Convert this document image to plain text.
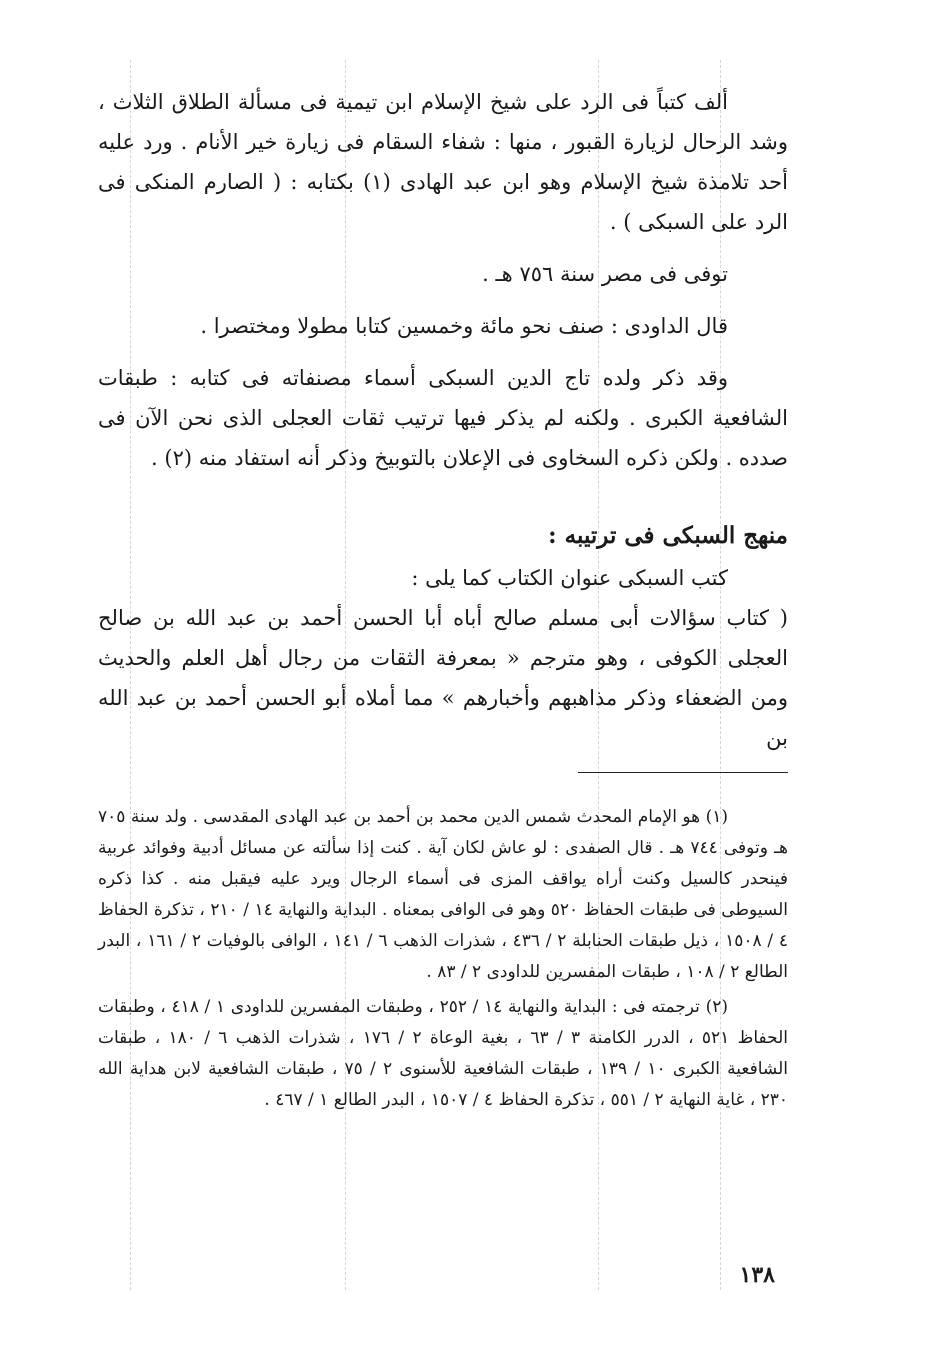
ألف كتباً فى الرد على شيخ الإسلام ابن تيمية فى مسألة الطلاق الثلاث ، وشد الرحال لزيارة القبور ، منها : شفاء السقام فى زيارة خير الأنام . ورد عليه أحد تلامذة شيخ الإسلام وهو ابن عبد الهادى (١) بكتابه : ( الصارم المنكى فى الرد على السبكى ) .

توفى فى مصر سنة ٧٥٦ هـ .

قال الداودى : صنف نحو مائة وخمسين كتابا مطولا ومختصرا .

وقد ذكر ولده تاج الدين السبكى أسماء مصنفاته فى كتابه : طبقات الشافعية الكبرى . ولكنه لم يذكر فيها ترتيب ثقات العجلى الذى نحن الآن فى صدده . ولكن ذكره السخاوى فى الإعلان بالتوبيخ وذكر أنه استفاد منه (٢) .

منهج السبكى فى ترتيبه :

كتب السبكى عنوان الكتاب كما يلى :

( كتاب سؤالات أبى مسلم صالح أباه أبا الحسن أحمد بن عبد الله بن صالح العجلى الكوفى ، وهو مترجم « بمعرفة الثقات من رجال أهل العلم والحديث ومن الضعفاء وذكر مذاهبهم وأخبارهم » مما أملاه أبو الحسن أحمد بن عبد الله بن

(١) هو الإمام المحدث شمس الدين محمد بن أحمد بن عبد الهادى المقدسى . ولد سنة ٧٠٥ هـ وتوفى ٧٤٤ هـ . قال الصفدى : لو عاش لكان آية . كنت إذا سألته عن مسائل أدبية وفوائد عربية فينحدر كالسيل وكنت أراه يواقف المزى فى أسماء الرجال ويرد عليه فيقبل منه . كذا ذكره السيوطى فى طبقات الحفاظ ٥٢٠ وهو فى الوافى بمعناه . البداية والنهاية ١٤ / ٢١٠ ، تذكرة الحفاظ ٤ / ١٥٠٨ ، ذيل طبقات الحنابلة ٢ / ٤٣٦ ، شذرات الذهب ٦ / ١٤١ ، الوافى بالوفيات ٢ / ١٦١ ، البدر الطالع ٢ / ١٠٨ ، طبقات المفسرين للداودى ٢ / ٨٣ .

(٢) ترجمته فى : البداية والنهاية ١٤ / ٢٥٢ ، وطبقات المفسرين للداودى ١ / ٤١٨ ، وطبقات الحفاظ ٥٢١ ، الدرر الكامنة ٣ / ٦٣ ، بغية الوعاة ٢ / ١٧٦ ، شذرات الذهب ٦ / ١٨٠ ، طبقات الشافعية الكبرى ١٠ / ١٣٩ ، طبقات الشافعية للأسنوى ٢ / ٧٥ ، طبقات الشافعية لابن هداية الله ٢٣٠ ، غاية النهاية ٢ / ٥٥١ ، تذكرة الحفاظ ٤ / ١٥٠٧ ، البدر الطالع ١ / ٤٦٧ .

١٣٨
